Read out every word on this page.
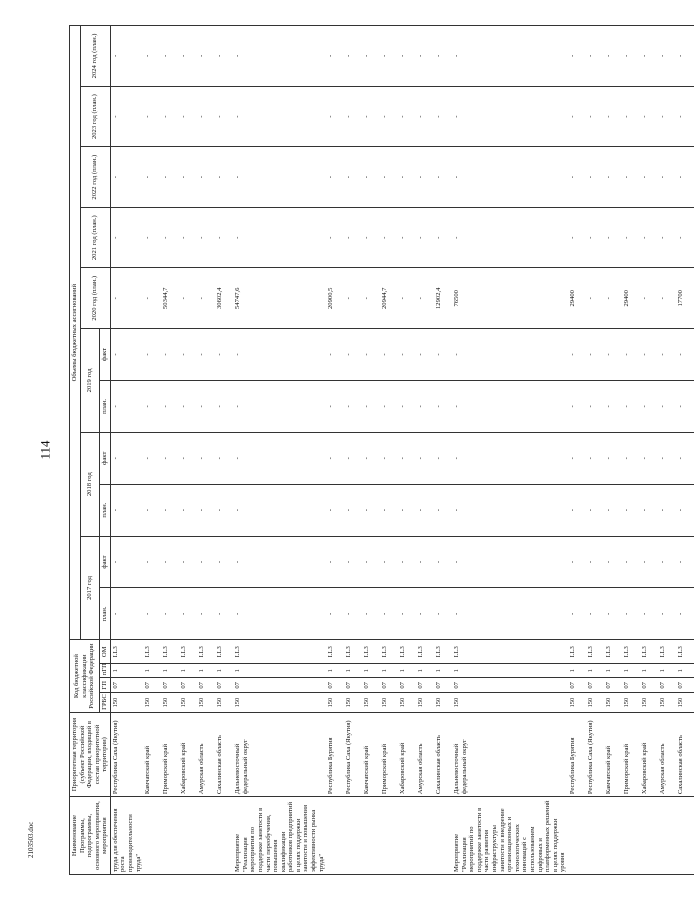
114
2103503.doc	Наименование Программы, подпрограммы, основного мероприятия, мероприятия	Приоритетная территория (субъект Российской Федерации, входящий в состав приоритетной территории)	Код бюджетной классификации Российской Федерации				Объемы бюджетных ассигнований										
						2017 год		2018 год		2019 год		2020 год (план.)	2021 год (план.)	2022 год (план.)	2023 год (план.)	2024 год (план.)
		ГРБС	ГП	пГП	ОМ	план.	факт	план.	факт	план.	факт					
труда для обеспечения роста производительности труда"	Республика Саха (Якутия)	150	07	1	I.L3	-	-	-	-	-	-	-	-	-	-	-
	Камчатский край	150	07	1	I.L3	-	-	-	-	-	-	-	-	-	-	-
	Приморский край	150	07	1	I.L3	-	-	-	-	-	-	50344,7	-	-	-	-
	Хабаровский край	150	07	1	I.L3	-	-	-	-	-	-	-	-	-	-	-
	Амурская область	150	07	1	I.L3	-	-	-	-	-	-	-	-	-	-	-
	Сахалинская область	150	07	1	I.L3	-	-	-	-	-	-	30602,4	-	-	-	-
Мероприятие "Реализация мероприятия по поддержке занятости в части переобучения, повышения квалификации работников предприятий в целях поддержки занятости и повышения эффективности рынка труда"	Дальневосточный федеральный округ	150	07	1	I.L3	-	-	-	-	-	-	54747,6	-	-	-	-
	Республика Бурятия	150	07	1	I.L3	-	-	-	-	-	-	20900,5	-	-	-	-
	Республика Саха (Якутия)	150	07	1	I.L3	-	-	-	-	-	-	-	-	-	-	-
	Камчатский край	150	07	1	I.L3	-	-	-	-	-	-	-	-	-	-	-
	Приморский край	150	07	1	I.L3	-	-	-	-	-	-	20944,7	-	-	-	-
	Хабаровский край	150	07	1	I.L3	-	-	-	-	-	-	-	-	-	-	-
	Амурская область	150	07	1	I.L3	-	-	-	-	-	-	-	-	-	-	-
	Сахалинская область	150	07	1	I.L3	-	-	-	-	-	-	12902,4	-	-	-	-
Мероприятие "Реализация мероприятий по поддержке занятости в части развития инфраструктуры занятости и внедрение организационных и технологических инноваций с использованием цифровых и платформенных решений в целях поддержки уровня	Дальневосточный федеральный округ	150	07	1	I.L3	-	-	-	-	-	-	76500	-	-	-	-
	Республика Бурятия	150	07	1	I.L3	-	-	-	-	-	-	29400	-	-	-	-
	Республика Саха (Якутия)	150	07	1	I.L3	-	-	-	-	-	-	-	-	-	-	-
	Камчатский край	150	07	1	I.L3	-	-	-	-	-	-	-	-	-	-	-
	Приморский край	150	07	1	I.L3	-	-	-	-	-	-	29400	-	-	-	-
	Хабаровский край	150	07	1	I.L3	-	-	-	-	-	-	-	-	-	-	-
	Амурская область	150	07	1	I.L3	-	-	-	-	-	-	-	-	-	-	-
	Сахалинская область	150	07	1	I.L3	-	-	-	-	-	-	17700	-	-	-	-
